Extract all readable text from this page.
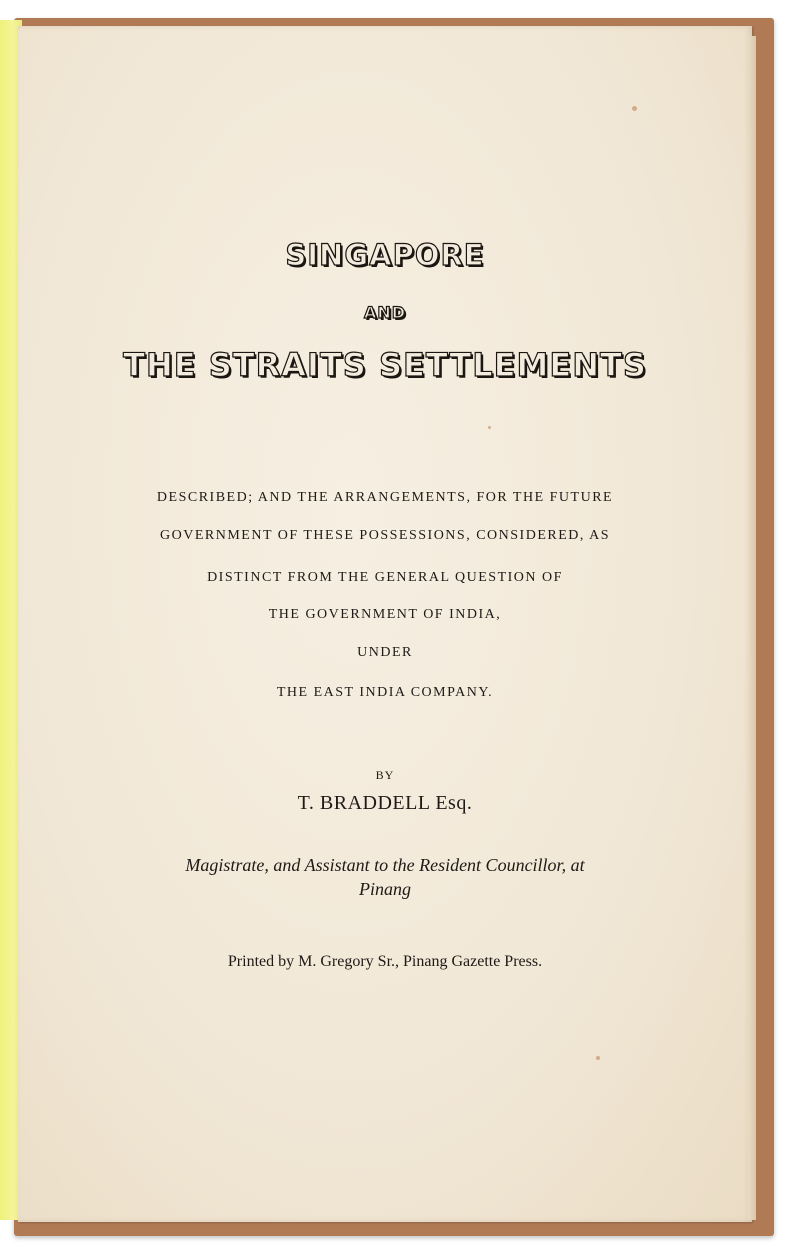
SINGAPORE
AND
THE STRAITS SETTLEMENTS
DESCRIBED; AND THE ARRANGEMENTS, FOR THE FUTURE
GOVERNMENT OF THESE POSSESSIONS, CONSIDERED, AS
DISTINCT FROM THE GENERAL QUESTION OF
THE GOVERNMENT OF INDIA,
UNDER
THE EAST INDIA COMPANY.
BY
T. BRADDELL Esq.
Magistrate, and Assistant to the Resident Councillor, at
Pinang
Printed by M. Gregory Sr., Pinang Gazette Press.
